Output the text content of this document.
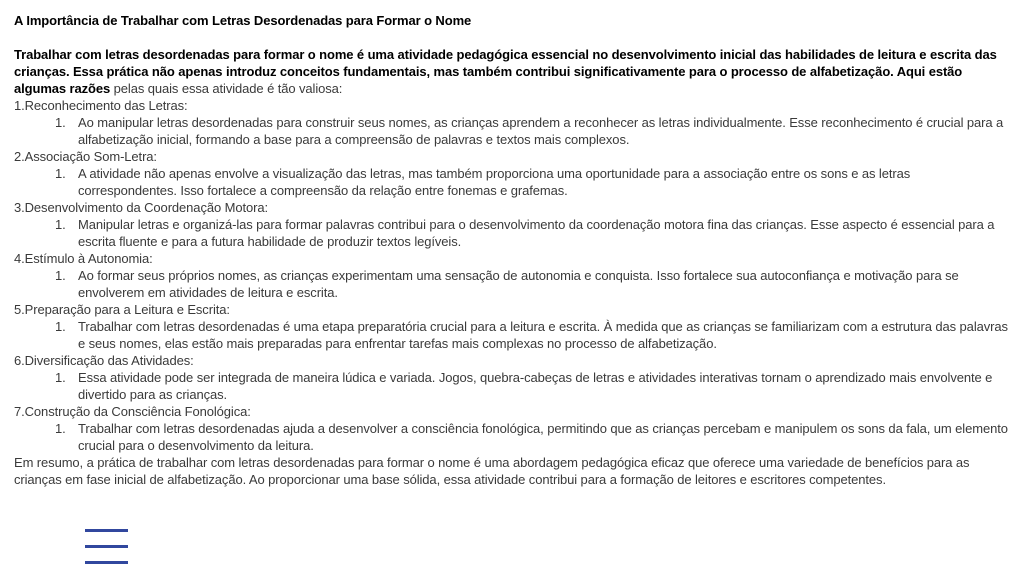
A Importância de Trabalhar com Letras Desordenadas para Formar o Nome

Trabalhar com letras desordenadas para formar o nome é uma atividade pedagógica essencial no desenvolvimento inicial das habilidades de leitura e escrita das crianças. Essa prática não apenas introduz conceitos fundamentais, mas também contribui significativamente para o processo de alfabetização. Aqui estão algumas razões pelas quais essa atividade é tão valiosa:

1.Reconhecimento das Letras:

1. Ao manipular letras desordenadas para construir seus nomes, as crianças aprendem a reconhecer as letras individualmente. Esse reconhecimento é crucial para a alfabetização inicial, formando a base para a compreensão de palavras e textos mais complexos.

2.Associação Som-Letra:

1. A atividade não apenas envolve a visualização das letras, mas também proporciona uma oportunidade para a associação entre os sons e as letras correspondentes. Isso fortalece a compreensão da relação entre fonemas e grafemas.

3.Desenvolvimento da Coordenação Motora:

1. Manipular letras e organizá-las para formar palavras contribui para o desenvolvimento da coordenação motora fina das crianças. Esse aspecto é essencial para a escrita fluente e para a futura habilidade de produzir textos legíveis.

4.Estímulo à Autonomia:

1. Ao formar seus próprios nomes, as crianças experimentam uma sensação de autonomia e conquista. Isso fortalece sua autoconfiança e motivação para se envolverem em atividades de leitura e escrita.

5.Preparação para a Leitura e Escrita:

1. Trabalhar com letras desordenadas é uma etapa preparatória crucial para a leitura e escrita. À medida que as crianças se familiarizam com a estrutura das palavras e seus nomes, elas estão mais preparadas para enfrentar tarefas mais complexas no processo de alfabetização.

6.Diversificação das Atividades:

1. Essa atividade pode ser integrada de maneira lúdica e variada. Jogos, quebra-cabeças de letras e atividades interativas tornam o aprendizado mais envolvente e divertido para as crianças.

7.Construção da Consciência Fonológica:

1. Trabalhar com letras desordenadas ajuda a desenvolver a consciência fonológica, permitindo que as crianças percebam e manipulem os sons da fala, um elemento crucial para o desenvolvimento da leitura.

Em resumo, a prática de trabalhar com letras desordenadas para formar o nome é uma abordagem pedagógica eficaz que oferece uma variedade de benefícios para as crianças em fase inicial de alfabetização. Ao proporcionar uma base sólida, essa atividade contribui para a formação de leitores e escritores competentes.
